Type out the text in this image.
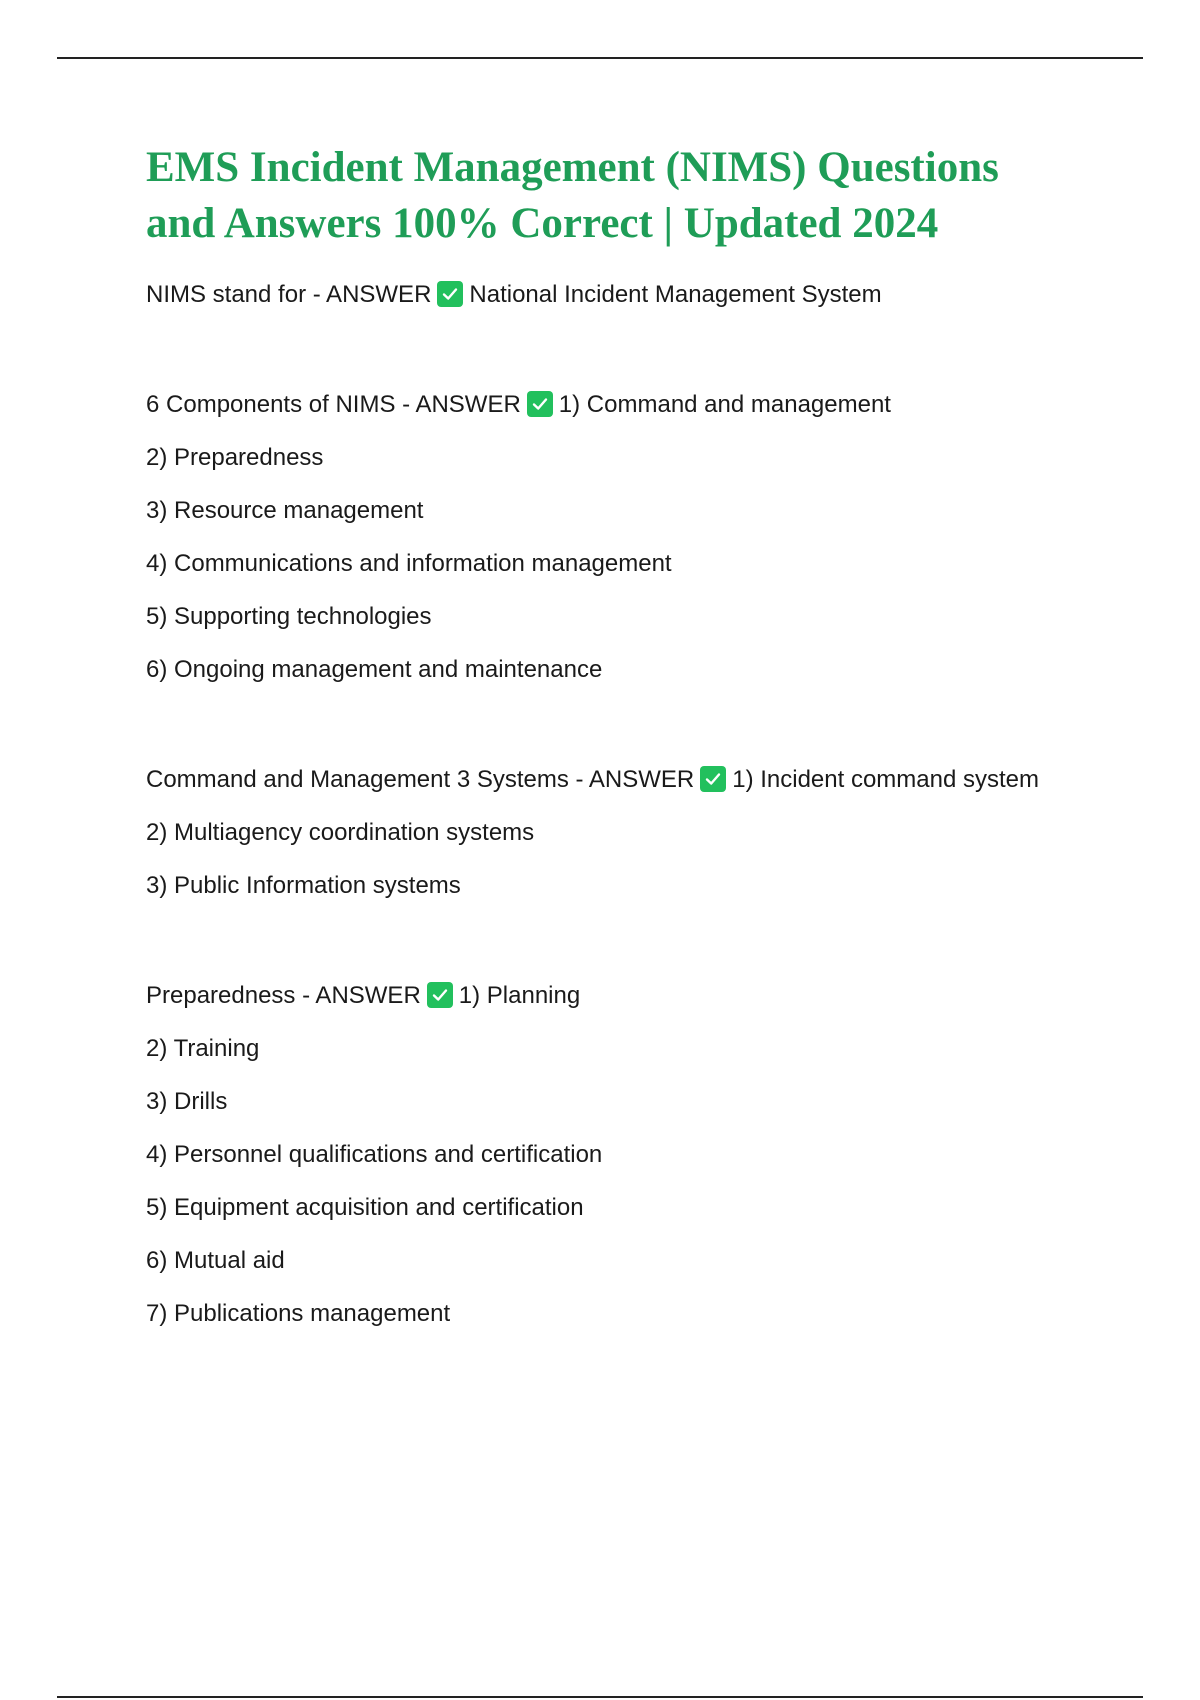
EMS Incident Management (NIMS) Questions and Answers 100% Correct | Updated 2024

NIMS stand for - ANSWER National Incident Management System

6 Components of NIMS - ANSWER 1) Command and management

2) Preparedness

3) Resource management

4) Communications and information management

5) Supporting technologies

6) Ongoing management and maintenance

Command and Management 3 Systems - ANSWER 1) Incident command system

2) Multiagency coordination systems

3) Public Information systems

Preparedness - ANSWER 1) Planning

2) Training

3) Drills

4) Personnel qualifications and certification

5) Equipment acquisition and certification

6) Mutual aid

7) Publications management
